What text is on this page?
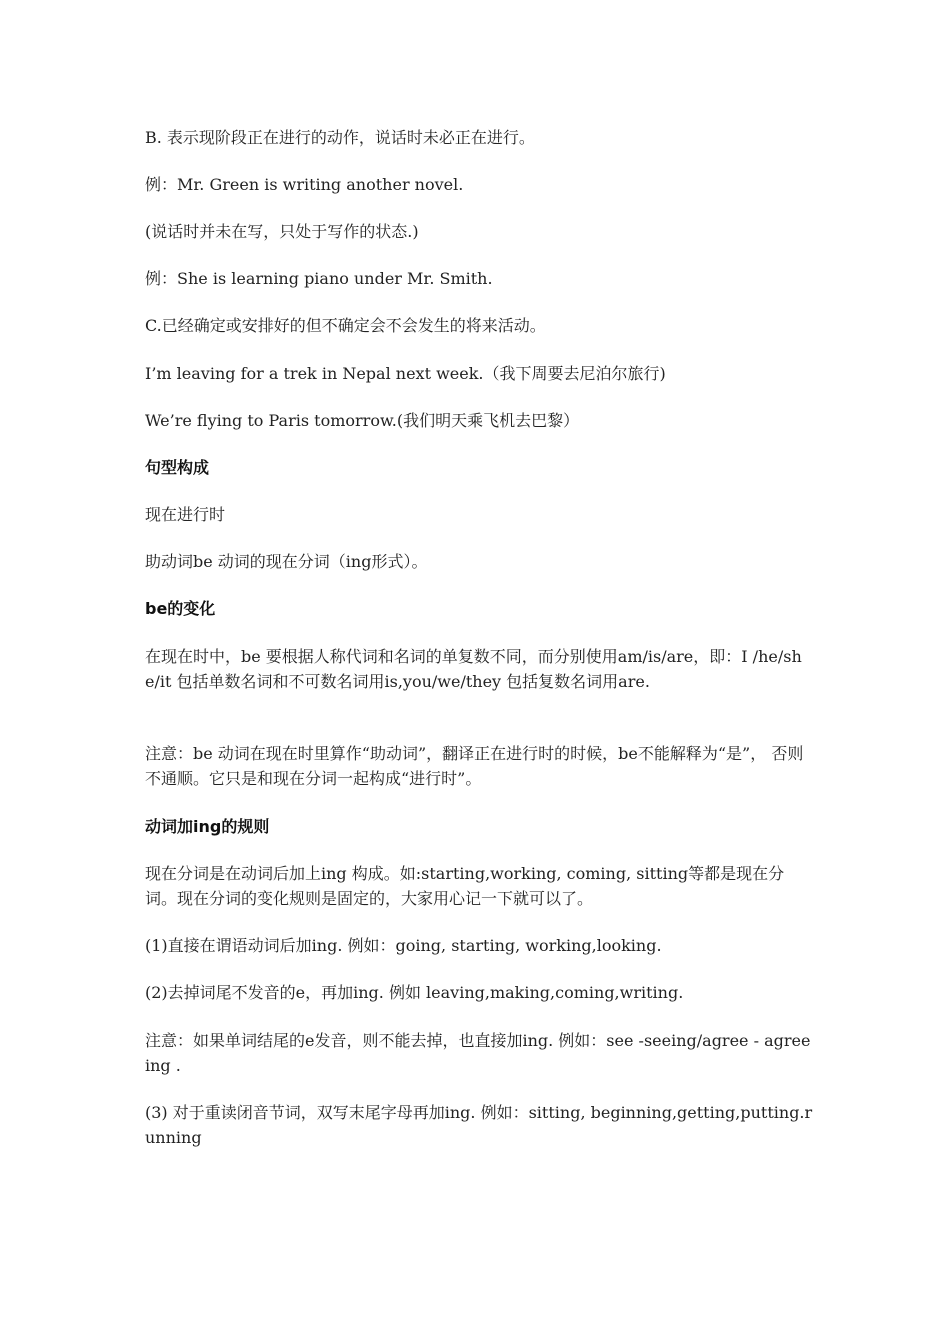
B. 表示现阶段正在进行的动作，说话时未必正在进行。

例：Mr. Green is writing another novel.

(说话时并未在写，只处于写作的状态.)

例：She is learning piano under Mr. Smith.

C.已经确定或安排好的但不确定会不会发生的将来活动。

I’m leaving for a trek in Nepal next week.（我下周要去尼泊尔旅行)

We’re flying to Paris tomorrow.(我们明天乘飞机去巴黎）

句型构成

现在进行时

助动词be 动词的现在分词（ing形式）。

be的变化

在现在时中，be 要根据人称代词和名词的单复数不同，而分别使用am/is/are，即：I /he/she/it 包括单数名词和不可数名词用is,you/we/they 包括复数名词用are.

注意：be 动词在现在时里算作“助动词”，翻译正在进行时的时候，be不能解释为“是”， 否则不通顺。它只是和现在分词一起构成“进行时”。

动词加ing的规则

现在分词是在动词后加上ing 构成。如:starting,working, coming, sitting等都是现在分词。现在分词的变化规则是固定的，大家用心记一下就可以了。

(1)直接在谓语动词后加ing. 例如：going, starting, working,looking.

(2)去掉词尾不发音的e，再加ing. 例如 leaving,making,coming,writing.

注意：如果单词结尾的e发音，则不能去掉，也直接加ing. 例如：see -seeing/agree - agreeing .

(3) 对于重读闭音节词，双写末尾字母再加ing. 例如：sitting, beginning,getting,putting.running
